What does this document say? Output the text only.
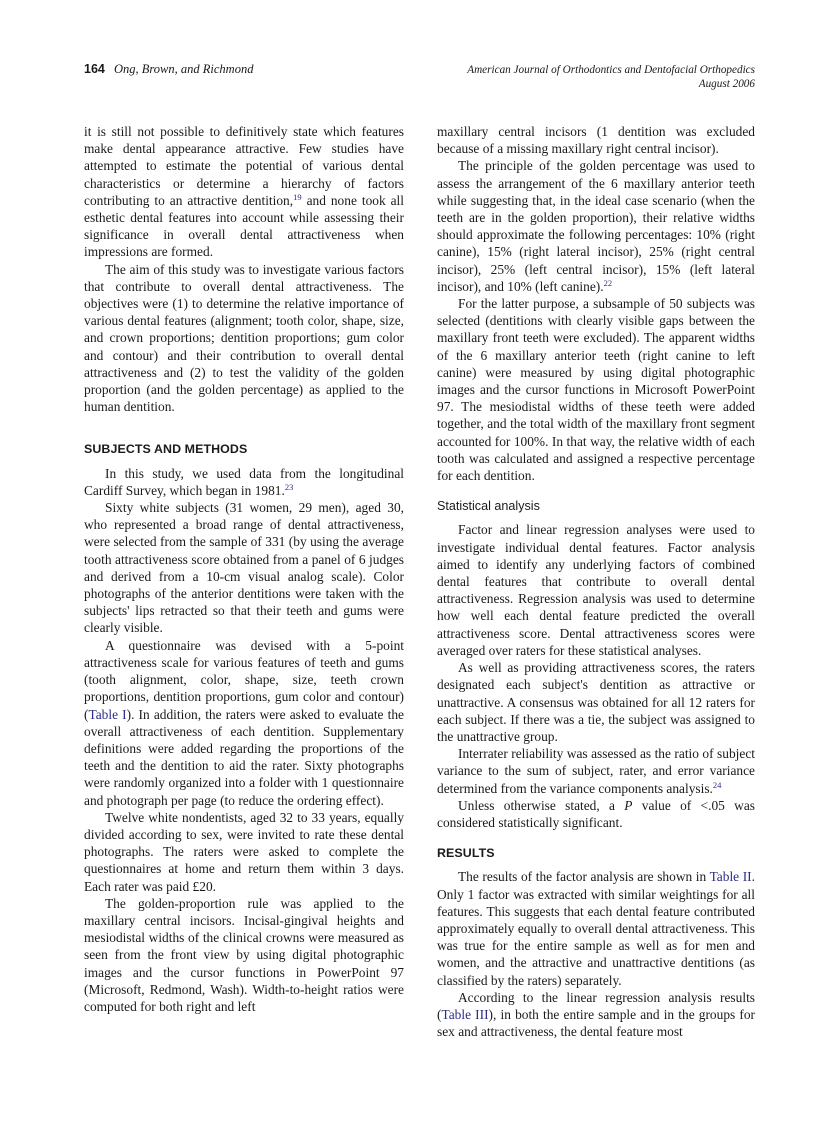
164 Ong, Brown, and Richmond	American Journal of Orthodontics and Dentofacial Orthopedics
August 2006

it is still not possible to definitively state which features make dental appearance attractive. Few studies have attempted to estimate the potential of various dental characteristics or determine a hierarchy of factors contributing to an attractive dentition,$^{19}$ and none took all esthetic dental features into account while assessing their significance in overall dental attractiveness when impressions are formed.

The aim of this study was to investigate various factors that contribute to overall dental attractiveness. The objectives were (1) to determine the relative importance of various dental features (alignment; tooth color, shape, size, and crown proportions; dentition proportions; gum color and contour) and their contribution to overall dental attractiveness and (2) to test the validity of the golden proportion (and the golden percentage) as applied to the human dentition.

SUBJECTS AND METHODS

In this study, we used data from the longitudinal Cardiff Survey, which began in 1981.23

Sixty white subjects (31 women, 29 men), aged 30, who represented a broad range of dental attractiveness, were selected from the sample of 331 (by using the average tooth attractiveness score obtained from a panel of 6 judges and derived from a 10-cm visual analog scale). Color photographs of the anterior dentitions were taken with the subjects' lips retracted so that their teeth and gums were clearly visible.

A questionnaire was devised with a 5-point attractiveness scale for various features of teeth and gums (tooth alignment, color, shape, size, teeth crown proportions, dentition proportions, gum color and contour) (Table I). In addition, the raters were asked to evaluate the overall attractiveness of each dentition. Supplementary definitions were added regarding the proportions of the teeth and the dentition to aid the rater. Sixty photographs were randomly organized into a folder with 1 questionnaire and photograph per page (to reduce the ordering effect).

Twelve white nondentists, aged 32 to 33 years, equally divided according to sex, were invited to rate these dental photographs. The raters were asked to complete the questionnaires at home and return them within 3 days. Each rater was paid £20.

The golden-proportion rule was applied to the maxillary central incisors. Incisal-gingival heights and mesiodistal widths of the clinical crowns were measured as seen from the front view by using digital photographic images and the cursor functions in PowerPoint 97 (Microsoft, Redmond, Wash). Width-to-height ratios were computed for both right and left

maxillary central incisors (1 dentition was excluded because of a missing maxillary right central incisor).

The principle of the golden percentage was used to assess the arrangement of the 6 maxillary anterior teeth while suggesting that, in the ideal case scenario (when the teeth are in the golden proportion), their relative widths should approximate the following percentages: 10% (right canine), 15% (right lateral incisor), 25% (right central incisor), 25% (left central incisor), 15% (left lateral incisor), and 10% (left canine).$^{22}$

For the latter purpose, a subsample of 50 subjects was selected (dentitions with clearly visible gaps between the maxillary front teeth were excluded). The apparent widths of the 6 maxillary anterior teeth (right canine to left canine) were measured by using digital photographic images and the cursor functions in Microsoft PowerPoint 97. The mesiodistal widths of these teeth were added together, and the total width of the maxillary front segment accounted for 100%. In that way, the relative width of each tooth was calculated and assigned a respective percentage for each dentition.

Statistical analysis

Factor and linear regression analyses were used to investigate individual dental features. Factor analysis aimed to identify any underlying factors of combined dental features that contribute to overall dental attractiveness. Regression analysis was used to determine how well each dental feature predicted the overall attractiveness score. Dental attractiveness scores were averaged over raters for these statistical analyses.

As well as providing attractiveness scores, the raters designated each subject's dentition as attractive or unattractive. A consensus was obtained for all 12 raters for each subject. If there was a tie, the subject was assigned to the unattractive group.

Interrater reliability was assessed as the ratio of subject variance to the sum of subject, rater, and error variance determined from the variance components analysis.$^{24}$

Unless otherwise stated, a P value of <.05 was considered statistically significant.

RESULTS

The results of the factor analysis are shown in Table II. Only 1 factor was extracted with similar weightings for all features. This suggests that each dental feature contributed approximately equally to overall dental attractiveness. This was true for the entire sample as well as for men and women, and the attractive and unattractive dentitions (as classified by the raters) separately.

According to the linear regression analysis results (Table III), in both the entire sample and in the groups for sex and attractiveness, the dental feature most
